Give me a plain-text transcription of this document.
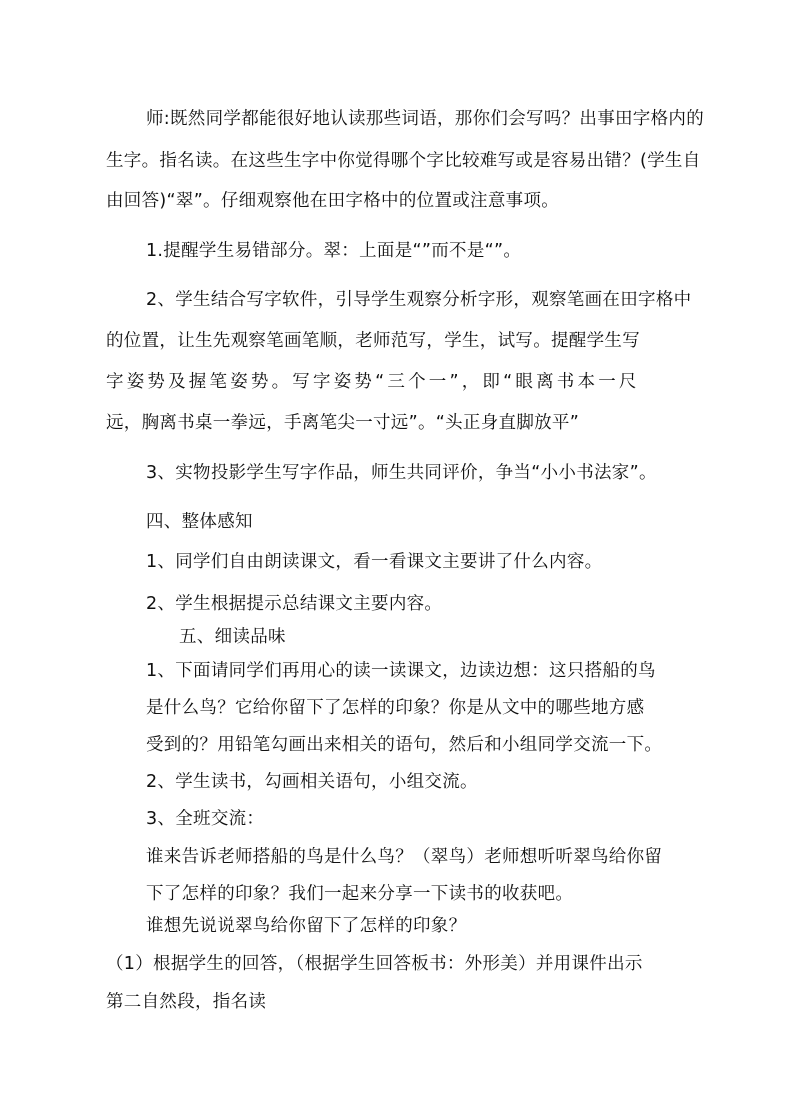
师:既然同学都能很好地认读那些词语，那你们会写吗？出事田字格内的
生字。指名读。在这些生字中你觉得哪个字比较难写或是容易出错？(学生自
由回答)“翠”。仔细观察他在田字格中的位置或注意事项。
1.提醒学生易错部分。翠：上面是“”而不是“”。
2、学生结合写字软件，引导学生观察分析字形，观察笔画在田字格中
的位置，让生先观察笔画笔顺，老师范写，学生，试写。提醒学生写
字姿势及握笔姿势。写字姿势“三个一”，即“眼离书本一尺
远，胸离书桌一拳远，手离笔尖一寸远”。“头正身直脚放平”
3、实物投影学生写字作品，师生共同评价，争当“小小书法家”。
四、整体感知
1、同学们自由朗读课文，看一看课文主要讲了什么内容。
2、学生根据提示总结课文主要内容。
五、细读品味
1、下面请同学们再用心的读一读课文，边读边想：这只搭船的鸟
是什么鸟？它给你留下了怎样的印象？你是从文中的哪些地方感
受到的？用铅笔勾画出来相关的语句，然后和小组同学交流一下。
2、学生读书，勾画相关语句，小组交流。
3、全班交流：
谁来告诉老师搭船的鸟是什么鸟？（翠鸟）老师想听听翠鸟给你留
下了怎样的印象？我们一起来分享一下读书的收获吧。
谁想先说说翠鸟给你留下了怎样的印象？
（1）根据学生的回答，（根据学生回答板书：外形美）并用课件出示
第二自然段，指名读
